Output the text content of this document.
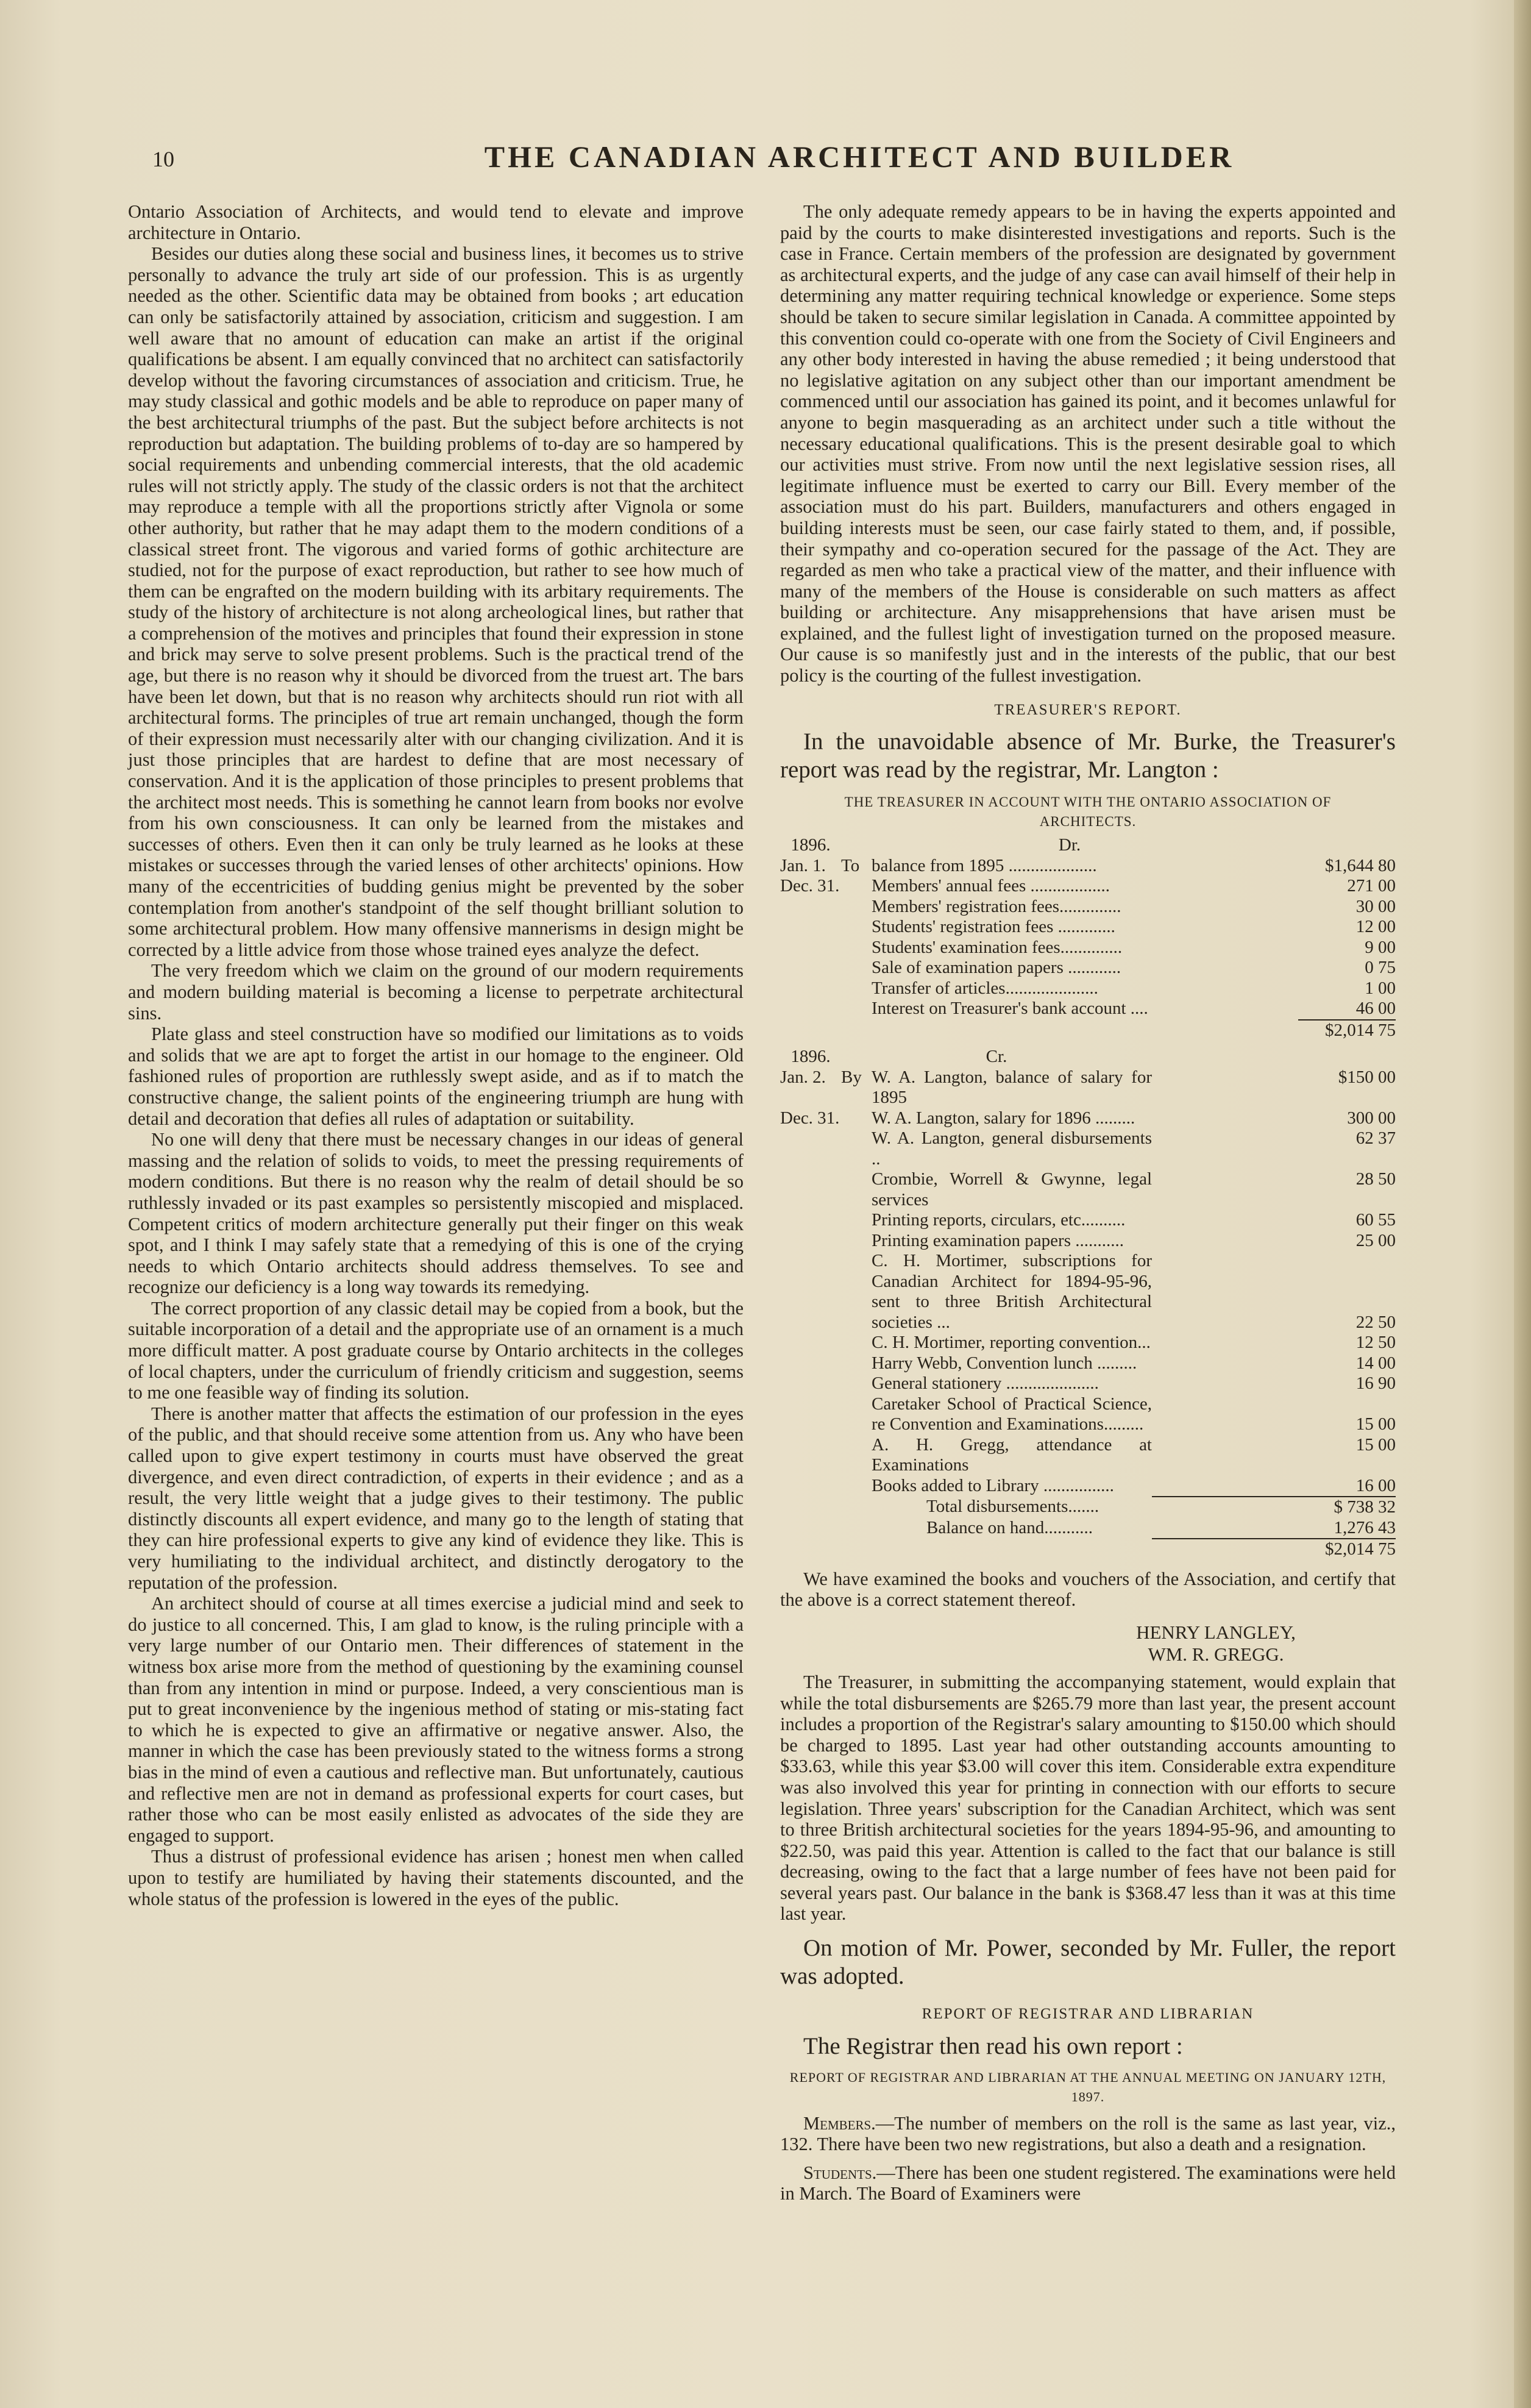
10	THE CANADIAN ARCHITECT AND BUILDER

Ontario Association of Architects, and would tend to elevate and improve architecture in Ontario.

Besides our duties along these social and business lines, it becomes us to strive personally to advance the truly art side of our profession. This is as urgently needed as the other. Scientific data may be obtained from books ; art education can only be satisfactorily attained by association, criticism and suggestion. I am well aware that no amount of education can make an artist if the original qualifications be absent. I am equally convinced that no architect can satisfactorily develop without the favoring circumstances of association and criticism. True, he may study classical and gothic models and be able to reproduce on paper many of the best architectural triumphs of the past. But the subject before architects is not reproduction but adaptation. The building problems of to-day are so hampered by social requirements and unbending commercial interests, that the old academic rules will not strictly apply. The study of the classic orders is not that the architect may reproduce a temple with all the proportions strictly after Vignola or some other authority, but rather that he may adapt them to the modern conditions of a classical street front. The vigorous and varied forms of gothic architecture are studied, not for the purpose of exact reproduction, but rather to see how much of them can be engrafted on the modern building with its arbitary requirements. The study of the history of architecture is not along archeological lines, but rather that a comprehension of the motives and principles that found their expression in stone and brick may serve to solve present problems. Such is the practical trend of the age, but there is no reason why it should be divorced from the truest art. The bars have been let down, but that is no reason why architects should run riot with all architectural forms. The principles of true art remain unchanged, though the form of their expression must necessarily alter with our changing civilization. And it is just those principles that are hardest to define that are most necessary of conservation. And it is the application of those principles to present problems that the architect most needs. This is something he cannot learn from books nor evolve from his own consciousness. It can only be learned from the mistakes and successes of others. Even then it can only be truly learned as he looks at these mistakes or successes through the varied lenses of other architects' opinions. How many of the eccentricities of budding genius might be prevented by the sober contemplation from another's standpoint of the self thought brilliant solution to some architectural problem. How many offensive mannerisms in design might be corrected by a little advice from those whose trained eyes analyze the defect.

The very freedom which we claim on the ground of our modern requirements and modern building material is becoming a license to perpetrate architectural sins.

Plate glass and steel construction have so modified our limitations as to voids and solids that we are apt to forget the artist in our homage to the engineer. Old fashioned rules of proportion are ruthlessly swept aside, and as if to match the constructive change, the salient points of the engineering triumph are hung with detail and decoration that defies all rules of adaptation or suitability.

No one will deny that there must be necessary changes in our ideas of general massing and the relation of solids to voids, to meet the pressing requirements of modern conditions. But there is no reason why the realm of detail should be so ruthlessly invaded or its past examples so persistently miscopied and misplaced. Competent critics of modern architecture generally put their finger on this weak spot, and I think I may safely state that a remedying of this is one of the crying needs to which Ontario architects should address themselves. To see and recognize our deficiency is a long way towards its remedying.

The correct proportion of any classic detail may be copied from a book, but the suitable incorporation of a detail and the appropriate use of an ornament is a much more difficult matter. A post graduate course by Ontario architects in the colleges of local chapters, under the curriculum of friendly criticism and suggestion, seems to me one feasible way of finding its solution.

There is another matter that affects the estimation of our profession in the eyes of the public, and that should receive some attention from us. Any who have been called upon to give expert testimony in courts must have observed the great divergence, and even direct contradiction, of experts in their evidence ; and as a result, the very little weight that a judge gives to their testimony. The public distinctly discounts all expert evidence, and many go to the length of stating that they can hire professional experts to give any kind of evidence they like. This is very humiliating to the individual architect, and distinctly derogatory to the reputation of the profession.

An architect should of course at all times exercise a judicial mind and seek to do justice to all concerned. This, I am glad to know, is the ruling principle with a very large number of our Ontario men. Their differences of statement in the witness box arise more from the method of questioning by the examining counsel than from any intention in mind or purpose. Indeed, a very conscientious man is put to great inconvenience by the ingenious method of stating or mis-stating fact to which he is expected to give an affirmative or negative answer. Also, the manner in which the case has been previously stated to the witness forms a strong bias in the mind of even a cautious and reflective man. But unfortunately, cautious and reflective men are not in demand as professional experts for court cases, but rather those who can be most easily enlisted as advocates of the side they are engaged to support.

Thus a distrust of professional evidence has arisen ; honest men when called upon to testify are humiliated by having their statements discounted, and the whole status of the profession is lowered in the eyes of the public.

The only adequate remedy appears to be in having the experts appointed and paid by the courts to make disinterested investigations and reports. Such is the case in France. Certain members of the profession are designated by government as architectural experts, and the judge of any case can avail himself of their help in determining any matter requiring technical knowledge or experience. Some steps should be taken to secure similar legislation in Canada. A committee appointed by this convention could co-operate with one from the Society of Civil Engineers and any other body interested in having the abuse remedied ; it being understood that no legislative agitation on any subject other than our important amendment be commenced until our association has gained its point, and it becomes unlawful for anyone to begin masquerading as an architect under such a title without the necessary educational qualifications. This is the present desirable goal to which our activities must strive. From now until the next legislative session rises, all legitimate influence must be exerted to carry our Bill. Every member of the association must do his part. Builders, manufacturers and others engaged in building interests must be seen, our case fairly stated to them, and, if possible, their sympathy and co-operation secured for the passage of the Act. They are regarded as men who take a practical view of the matter, and their influence with many of the members of the House is considerable on such matters as affect building or architecture. Any misapprehensions that have arisen must be explained, and the fullest light of investigation turned on the proposed measure. Our cause is so manifestly just and in the interests of the public, that our best policy is the courting of the fullest investigation.

TREASURER'S REPORT.

In the unavoidable absence of Mr. Burke, the Treasurer's report was read by the registrar, Mr. Langton :

THE TREASURER IN ACCOUNT WITH THE ONTARIO ASSOCIATION OF ARCHITECTS.
1896.	Dr.		
Jan. 1.	To	balance from 1895 ....................	$1,644 80
Dec. 31.		Members' annual fees ..................	271 00
		Members' registration fees..............	30 00
		Students' registration fees .............	12 00
		Students' examination fees..............	9 00
		Sale of examination papers ............	0 75
		Transfer of articles.....................	1 00
		Interest on Treasurer's bank account ....	46 00
			$2,014 75
1896.	Cr.		
Jan. 2.	By	W. A. Langton, balance of salary for 1895	$150 00
Dec. 31.		W. A. Langton, salary for 1896 .........	300 00
		W. A. Langton, general disbursements ..	62 37
		Crombie, Worrell & Gwynne, legal services	28 50
		Printing reports, circulars, etc..........	60 55
		Printing examination papers ...........	25 00
		C. H. Mortimer, subscriptions for Canadian Architect for 1894-95-96, sent to three British Architectural societies ...	22 50
		C. H. Mortimer, reporting convention...	12 50
		Harry Webb, Convention lunch .........	14 00
		General stationery .....................	16 90
		Caretaker School of Practical Science, re Convention and Examinations.........	15 00
		A. H. Gregg, attendance at Examinations	15 00
		Books added to Library ................	16 00
Total disbursements.......			$ 738 32
Balance on hand...........			1,276 43
			$2,014 75

We have examined the books and vouchers of the Association, and certify that the above is a correct statement thereof.

HENRY LANGLEY,
WM. R. GREGG.

The Treasurer, in submitting the accompanying statement, would explain that while the total disbursements are $265.79 more than last year, the present account includes a proportion of the Registrar's salary amounting to $150.00 which should be charged to 1895. Last year had other outstanding accounts amounting to $33.63, while this year $3.00 will cover this item. Considerable extra expenditure was also involved this year for printing in connection with our efforts to secure legislation. Three years' subscription for the Canadian Architect, which was sent to three British architectural societies for the years 1894-95-96, and amounting to $22.50, was paid this year. Attention is called to the fact that our balance is still decreasing, owing to the fact that a large number of fees have not been paid for several years past. Our balance in the bank is $368.47 less than it was at this time last year.

On motion of Mr. Power, seconded by Mr. Fuller, the report was adopted.

REPORT OF REGISTRAR AND LIBRARIAN

The Registrar then read his own report :

REPORT OF REGISTRAR AND LIBRARIAN AT THE ANNUAL MEETING ON JANUARY 12TH, 1897.

Members.—The number of members on the roll is the same as last year, viz., 132. There have been two new registrations, but also a death and a resignation.

Students.—There has been one student registered. The examinations were held in March. The Board of Examiners were
